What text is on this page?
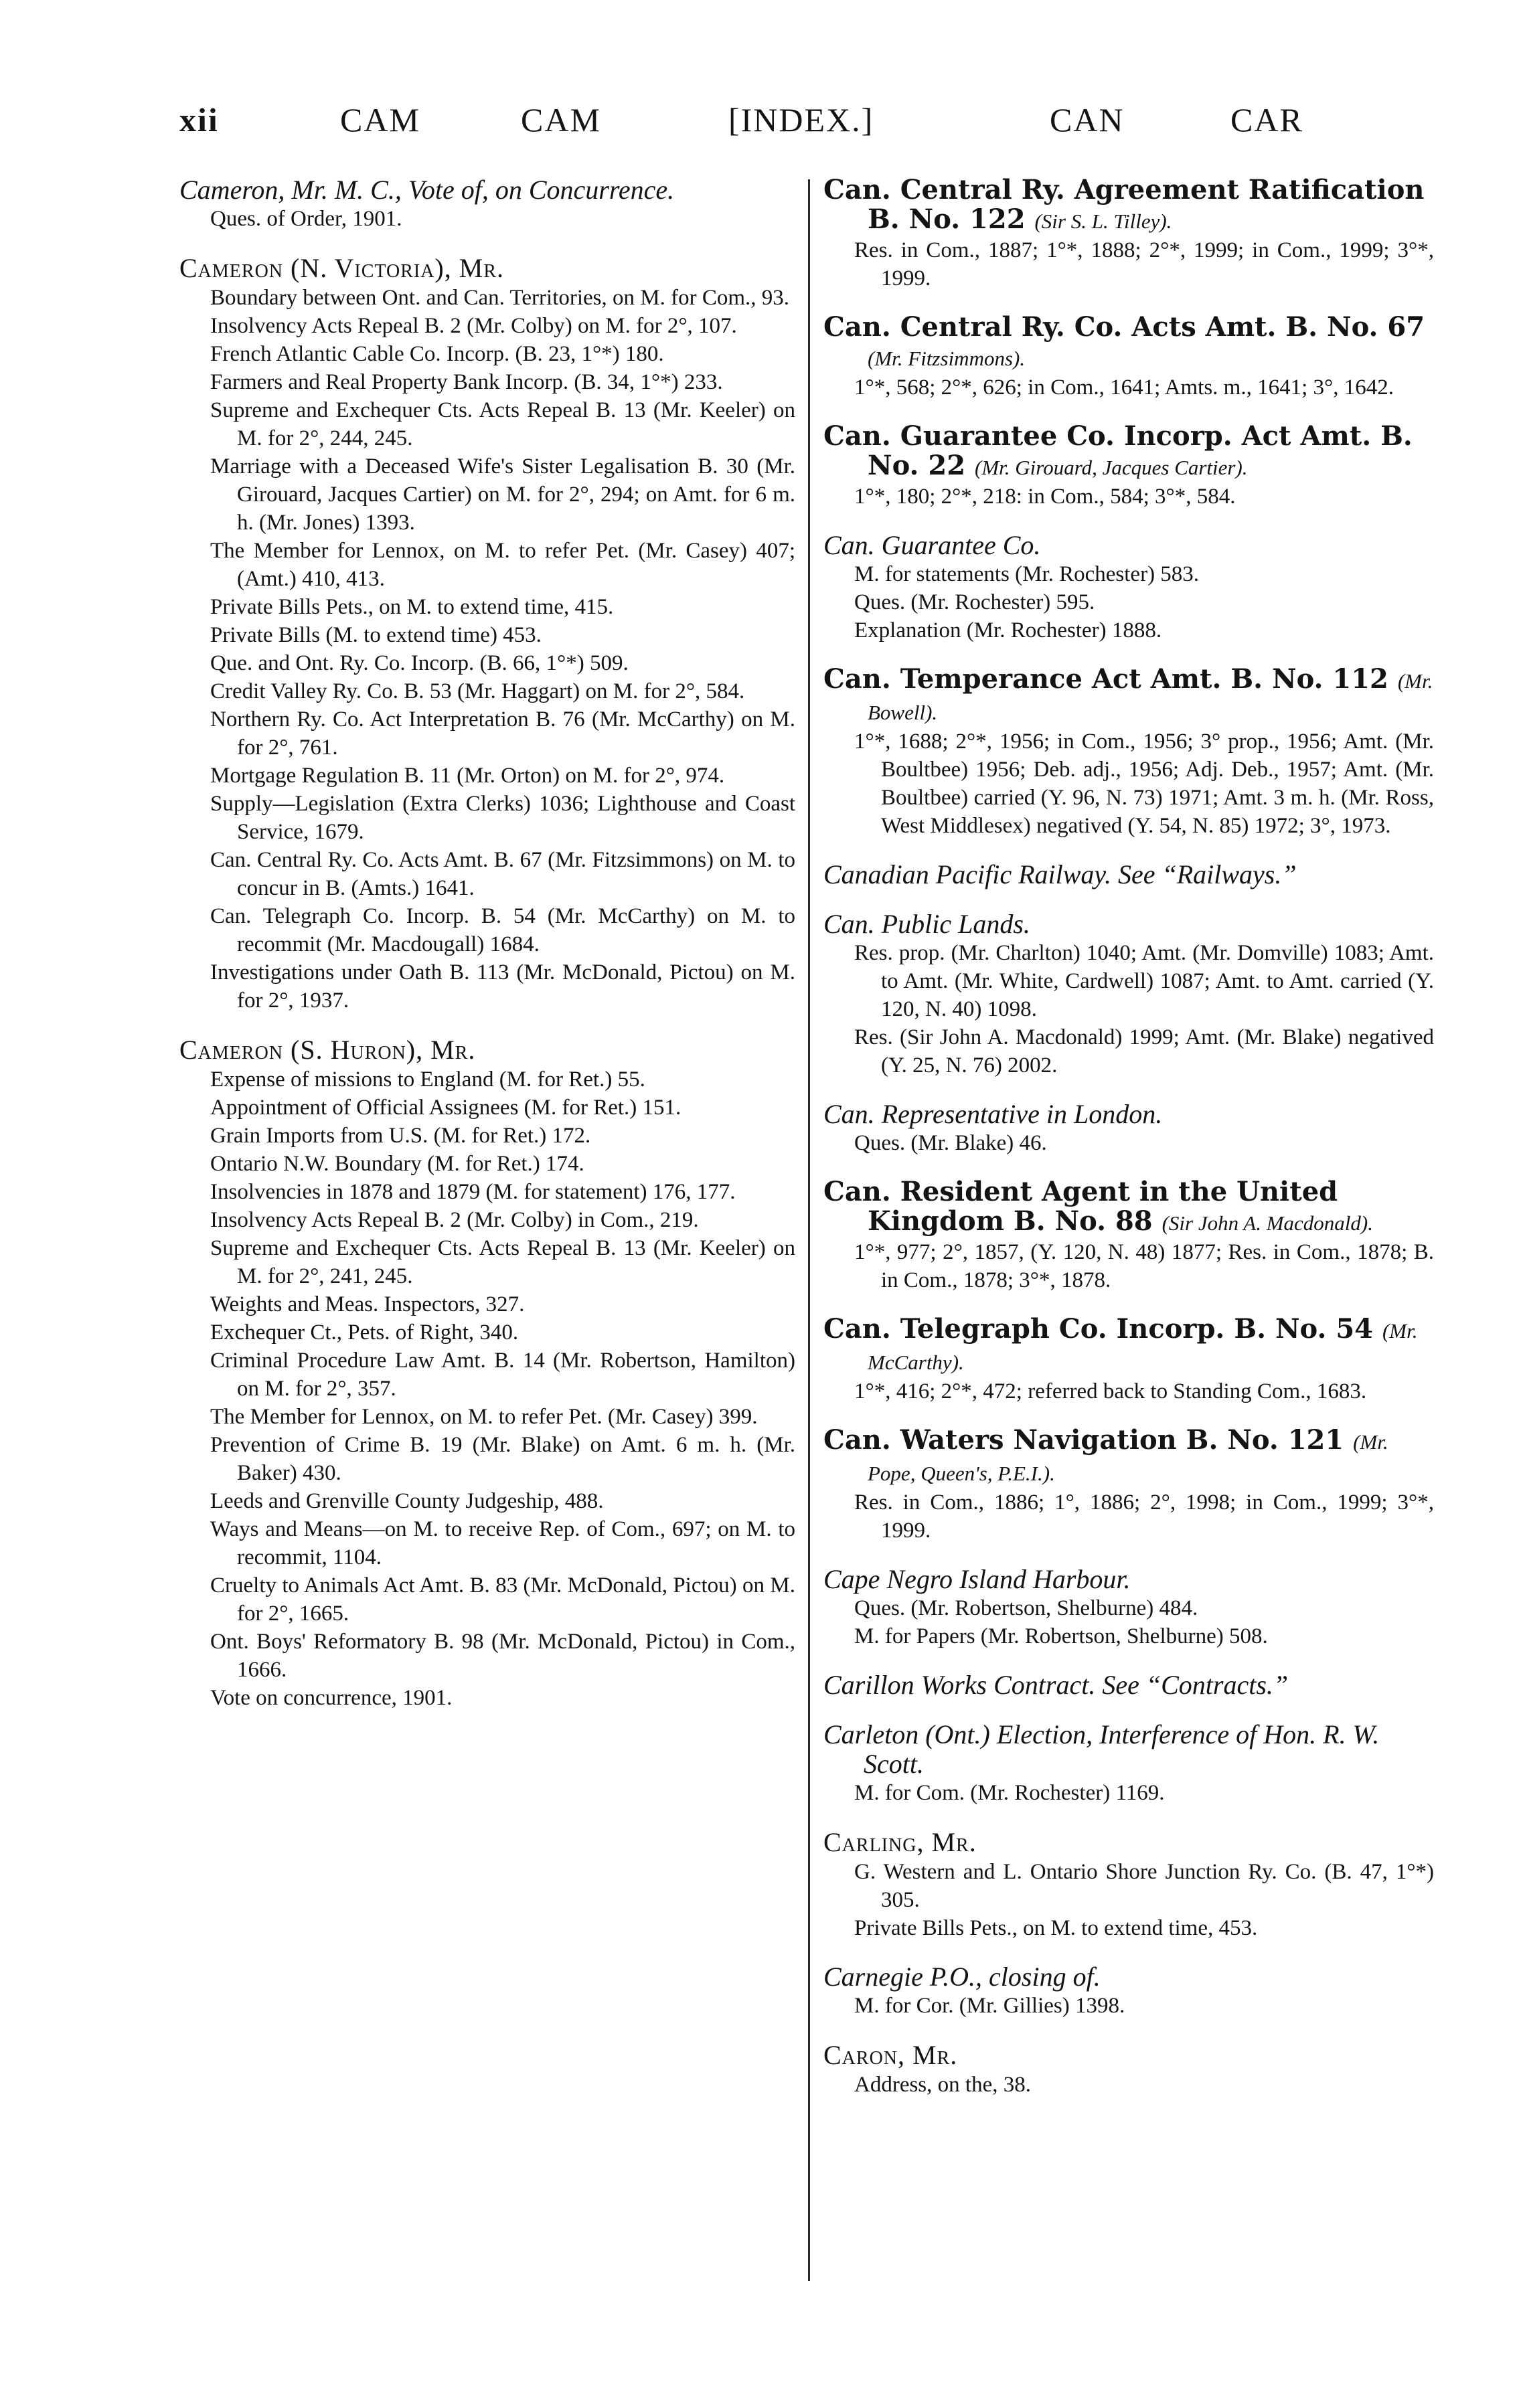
xii	CAM	CAM	[INDEX.]	CAN	CAR
Cameron, Mr. M. C., Vote of, on Concurrence.

Ques. of Order, 1901.

Cameron (N. Victoria), Mr.

Boundary between Ont. and Can. Territories, on M. for Com., 93.

Insolvency Acts Repeal B. 2 (Mr. Colby) on M. for 2°, 107.

French Atlantic Cable Co. Incorp. (B. 23, 1°*) 180.

Farmers and Real Property Bank Incorp. (B. 34, 1°*) 233.

Supreme and Exchequer Cts. Acts Repeal B. 13 (Mr. Keeler) on M. for 2°, 244, 245.

Marriage with a Deceased Wife's Sister Legalisation B. 30 (Mr. Girouard, Jacques Cartier) on M. for 2°, 294; on Amt. for 6 m. h. (Mr. Jones) 1393.

The Member for Lennox, on M. to refer Pet. (Mr. Casey) 407; (Amt.) 410, 413.

Private Bills Pets., on M. to extend time, 415.

Private Bills (M. to extend time) 453.

Que. and Ont. Ry. Co. Incorp. (B. 66, 1°*) 509.

Credit Valley Ry. Co. B. 53 (Mr. Haggart) on M. for 2°, 584.

Northern Ry. Co. Act Interpretation B. 76 (Mr. McCarthy) on M. for 2°, 761.

Mortgage Regulation B. 11 (Mr. Orton) on M. for 2°, 974.

Supply—Legislation (Extra Clerks) 1036; Lighthouse and Coast Service, 1679.

Can. Central Ry. Co. Acts Amt. B. 67 (Mr. Fitzsimmons) on M. to concur in B. (Amts.) 1641.

Can. Telegraph Co. Incorp. B. 54 (Mr. McCarthy) on M. to recommit (Mr. Macdougall) 1684.

Investigations under Oath B. 113 (Mr. McDonald, Pictou) on M. for 2°, 1937.

Cameron (S. Huron), Mr.

Expense of missions to England (M. for Ret.) 55.

Appointment of Official Assignees (M. for Ret.) 151.

Grain Imports from U.S. (M. for Ret.) 172.

Ontario N.W. Boundary (M. for Ret.) 174.

Insolvencies in 1878 and 1879 (M. for statement) 176, 177.

Insolvency Acts Repeal B. 2 (Mr. Colby) in Com., 219.

Supreme and Exchequer Cts. Acts Repeal B. 13 (Mr. Keeler) on M. for 2°, 241, 245.

Weights and Meas. Inspectors, 327.

Exchequer Ct., Pets. of Right, 340.

Criminal Procedure Law Amt. B. 14 (Mr. Robertson, Hamilton) on M. for 2°, 357.

The Member for Lennox, on M. to refer Pet. (Mr. Casey) 399.

Prevention of Crime B. 19 (Mr. Blake) on Amt. 6 m. h. (Mr. Baker) 430.

Leeds and Grenville County Judgeship, 488.

Ways and Means—on M. to receive Rep. of Com., 697; on M. to recommit, 1104.

Cruelty to Animals Act Amt. B. 83 (Mr. McDonald, Pictou) on M. for 2°, 1665.

Ont. Boys' Reformatory B. 98 (Mr. McDonald, Pictou) in Com., 1666.

Vote on concurrence, 1901.

Can. Central Ry. Agreement Ratification B. No. 122 (Sir S. L. Tilley).

Res. in Com., 1887; 1°*, 1888; 2°*, 1999; in Com., 1999; 3°*, 1999.

Can. Central Ry. Co. Acts Amt. B. No. 67 (Mr. Fitzsimmons).

1°*, 568; 2°*, 626; in Com., 1641; Amts. m., 1641; 3°, 1642.

Can. Guarantee Co. Incorp. Act Amt. B. No. 22 (Mr. Girouard, Jacques Cartier).

1°*, 180; 2°*, 218: in Com., 584; 3°*, 584.

Can. Guarantee Co.

M. for statements (Mr. Rochester) 583.

Ques. (Mr. Rochester) 595.

Explanation (Mr. Rochester) 1888.

Can. Temperance Act Amt. B. No. 112 (Mr. Bowell).

1°*, 1688; 2°*, 1956; in Com., 1956; 3° prop., 1956; Amt. (Mr. Boultbee) 1956; Deb. adj., 1956; Adj. Deb., 1957; Amt. (Mr. Boultbee) carried (Y. 96, N. 73) 1971; Amt. 3 m. h. (Mr. Ross, West Middlesex) negatived (Y. 54, N. 85) 1972; 3°, 1973.

Canadian Pacific Railway. See “Railways.”
Can. Public Lands.

Res. prop. (Mr. Charlton) 1040; Amt. (Mr. Domville) 1083; Amt. to Amt. (Mr. White, Cardwell) 1087; Amt. to Amt. carried (Y. 120, N. 40) 1098.

Res. (Sir John A. Macdonald) 1999; Amt. (Mr. Blake) negatived (Y. 25, N. 76) 2002.

Can. Representative in London.

Ques. (Mr. Blake) 46.

Can. Resident Agent in the United Kingdom B. No. 88 (Sir John A. Macdonald).

1°*, 977; 2°, 1857, (Y. 120, N. 48) 1877; Res. in Com., 1878; B. in Com., 1878; 3°*, 1878.

Can. Telegraph Co. Incorp. B. No. 54 (Mr. McCarthy).

1°*, 416; 2°*, 472; referred back to Standing Com., 1683.

Can. Waters Navigation B. No. 121 (Mr. Pope, Queen's, P.E.I.).

Res. in Com., 1886; 1°, 1886; 2°, 1998; in Com., 1999; 3°*, 1999.

Cape Negro Island Harbour.

Ques. (Mr. Robertson, Shelburne) 484.

M. for Papers (Mr. Robertson, Shelburne) 508.

Carillon Works Contract. See “Contracts.”
Carleton (Ont.) Election, Interference of Hon. R. W. Scott.

M. for Com. (Mr. Rochester) 1169.

Carling, Mr.

G. Western and L. Ontario Shore Junction Ry. Co. (B. 47, 1°*) 305.

Private Bills Pets., on M. to extend time, 453.

Carnegie P.O., closing of.

M. for Cor. (Mr. Gillies) 1398.

Caron, Mr.

Address, on the, 38.
